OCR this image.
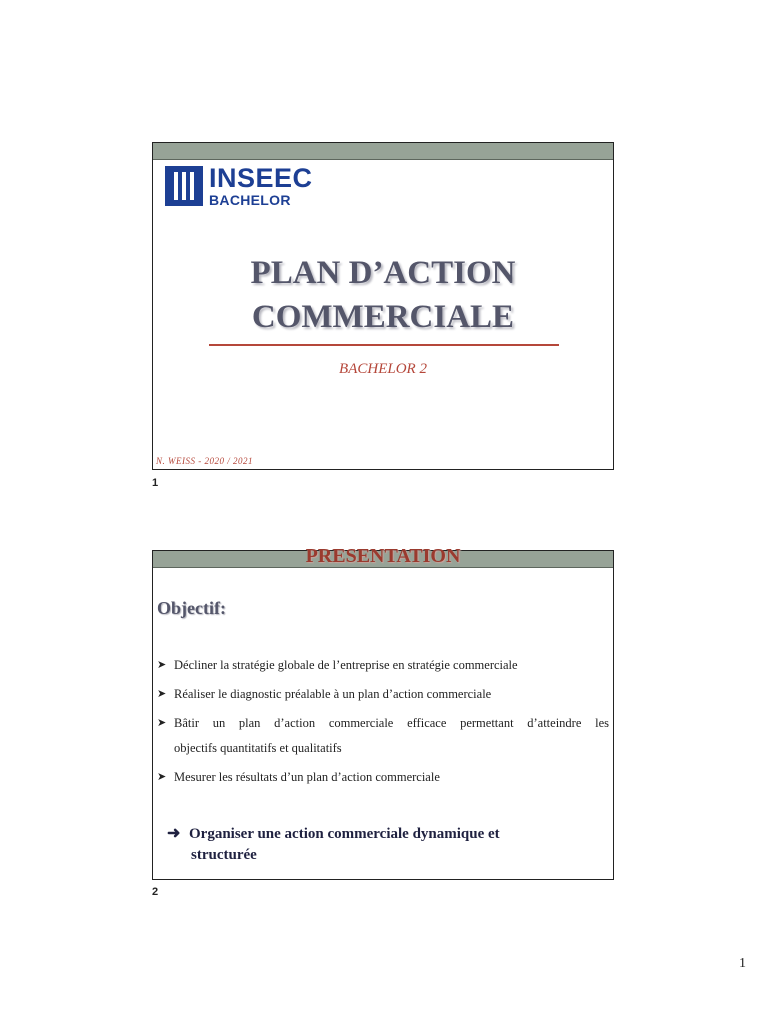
INSEEC
BACHELOR
PLAN D’ACTION
COMMERCIALE
BACHELOR 2
N. WEISS - 2020 / 2021
1
PRESENTATION
Objectif:
➤ Décliner la stratégie globale de l’entreprise en stratégie commerciale
➤ Réaliser le diagnostic préalable à un plan d’action commerciale
➤ Bâtir un plan d’action commerciale efficace permettant d’atteindre les
objectifs quantitatifs et qualitatifs
➤ Mesurer les résultats d’un plan d’action commerciale
➜ Organiser une action commerciale dynamique et
structurée
2
1
